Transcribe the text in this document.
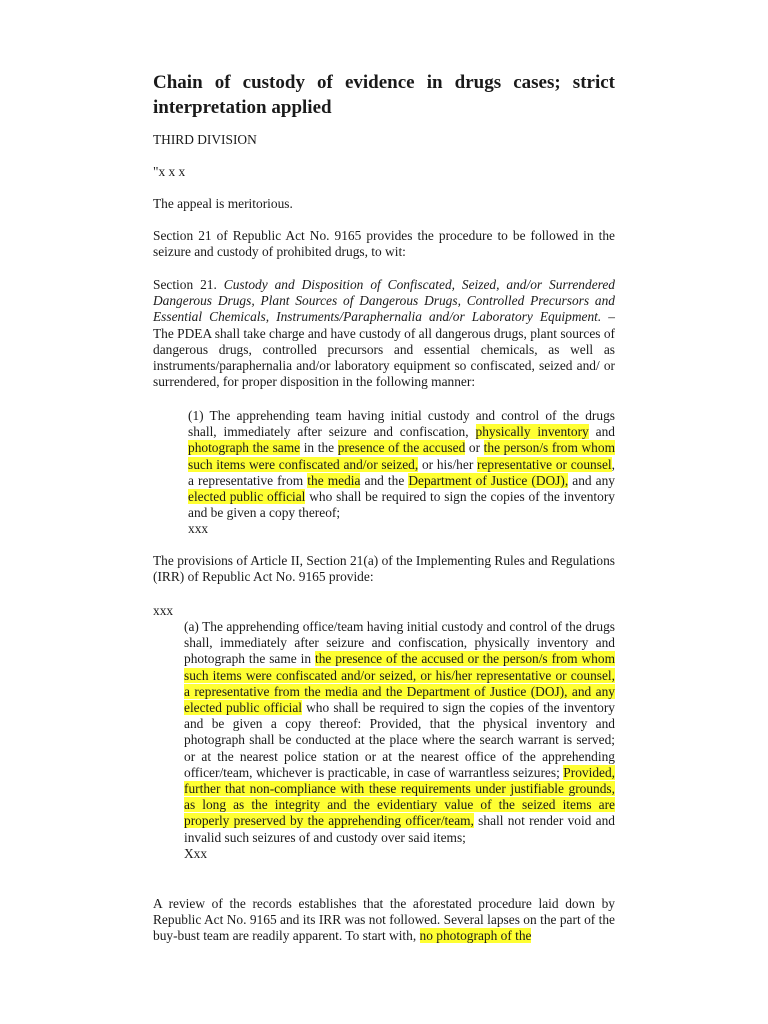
Chain of custody of evidence in drugs cases; strict
interpretation applied

THIRD DIVISION

"x x x

The appeal is meritorious.

Section 21 of Republic Act No. 9165 provides the procedure to be followed in the seizure and custody of prohibited drugs, to wit:

Section 21. Custody and Disposition of Confiscated, Seized, and/or Surrendered Dangerous Drugs, Plant Sources of Dangerous Drugs, Controlled Precursors and Essential Chemicals, Instruments/Paraphernalia and/or Laboratory Equipment. – The PDEA shall take charge and have custody of all dangerous drugs, plant sources of dangerous drugs, controlled precursors and essential chemicals, as well as instruments/paraphernalia and/or laboratory equipment so confiscated, seized and/ or surrendered, for proper disposition in the following manner:

(1) The apprehending team having initial custody and control of the drugs shall, immediately after seizure and confiscation, physically inventory and photograph the same in the presence of the accused or the person/s from whom such items were confiscated and/or seized, or his/her representative or counsel, a representative from the media and the Department of Justice (DOJ), and any elected public official who shall be required to sign the copies of the inventory and be given a copy thereof;
xxx

The provisions of Article II, Section 21(a) of the Implementing Rules and Regulations (IRR) of Republic Act No. 9165 provide:

xxx

(a) The apprehending office/team having initial custody and control of the drugs shall, immediately after seizure and confiscation, physically inventory and photograph the same in the presence of the accused or the person/s from whom such items were confiscated and/or seized, or his/her representative or counsel, a representative from the media and the Department of Justice (DOJ), and any elected public official who shall be required to sign the copies of the inventory and be given a copy thereof: Provided, that the physical inventory and photograph shall be conducted at the place where the search warrant is served; or at the nearest police station or at the nearest office of the apprehending officer/team, whichever is practicable, in case of warrantless seizures; Provided, further that non-compliance with these requirements under justifiable grounds, as long as the integrity and the evidentiary value of the seized items are properly preserved by the apprehending officer/team, shall not render void and invalid such seizures of and custody over said items;
Xxx

A review of the records establishes that the aforestated procedure laid down by Republic Act No. 9165 and its IRR was not followed. Several lapses on the part of the buy-bust team are readily apparent. To start with, no photograph of the
